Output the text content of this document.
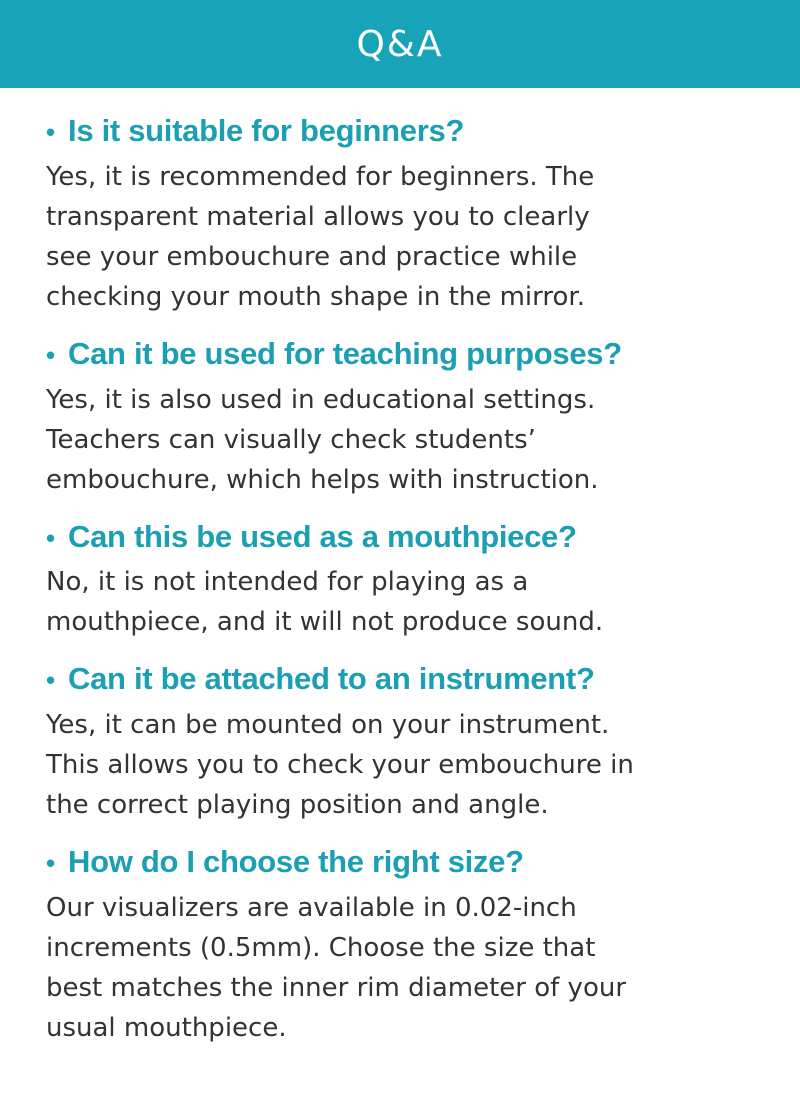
Q&A
• Is it suitable for beginners?

Yes, it is recommended for beginners. The
transparent material allows you to clearly
see your embouchure and practice while
checking your mouth shape in the mirror.

• Can it be used for teaching purposes?

Yes, it is also used in educational settings.
Teachers can visually check students’
embouchure, which helps with instruction.

• Can this be used as a mouthpiece?

No, it is not intended for playing as a
mouthpiece, and it will not produce sound.

• Can it be attached to an instrument?

Yes, it can be mounted on your instrument.
This allows you to check your embouchure in
the correct playing position and angle.

• How do I choose the right size?

Our visualizers are available in 0.02-inch
increments (0.5mm). Choose the size that
best matches the inner rim diameter of your
usual mouthpiece.
